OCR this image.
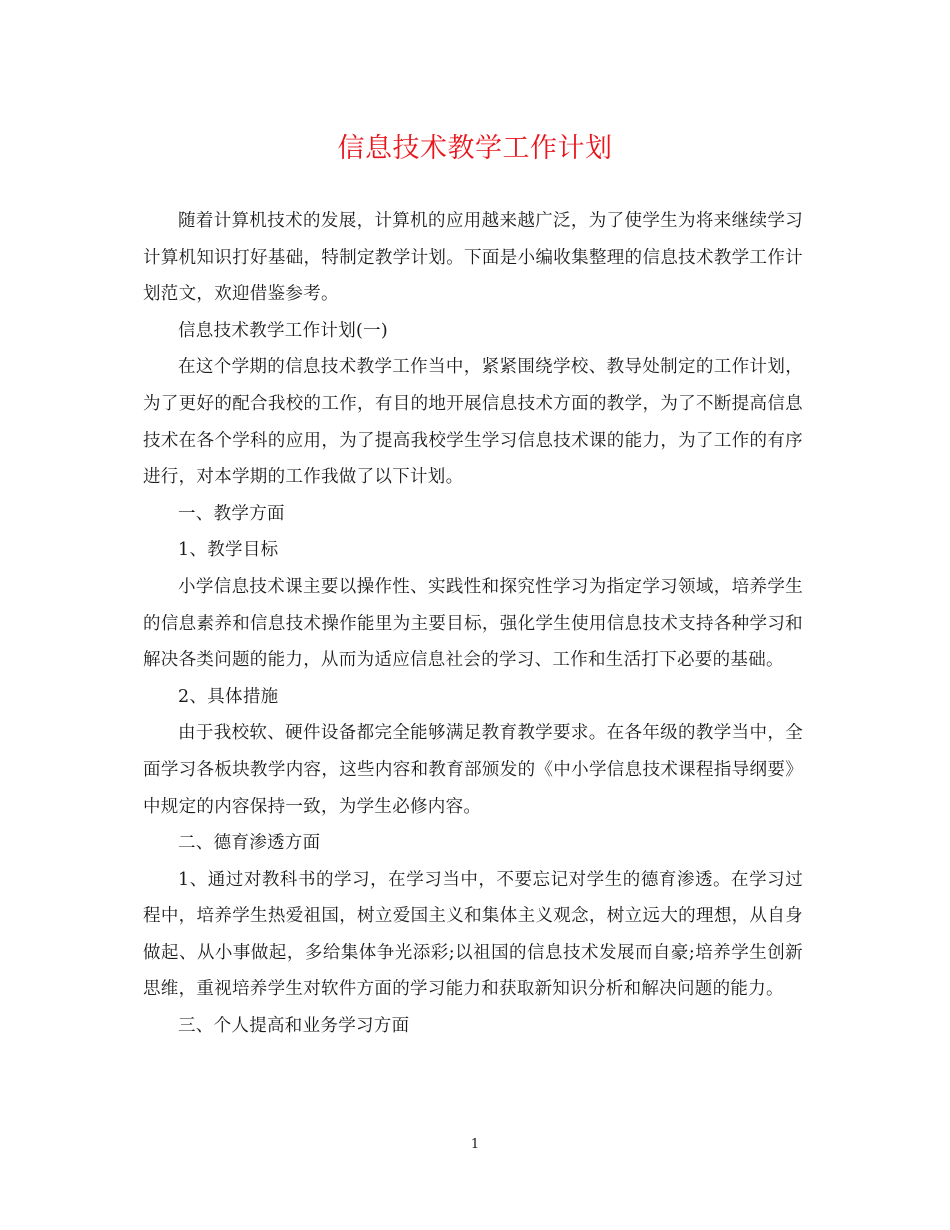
信息技术教学工作计划

随着计算机技术的发展，计算机的应用越来越广泛，为了使学生为将来继续学习计算机知识打好基础，特制定教学计划。下面是小编收集整理的信息技术教学工作计划范文，欢迎借鉴参考。

信息技术教学工作计划(一)

在这个学期的信息技术教学工作当中，紧紧围绕学校、教导处制定的工作计划，为了更好的配合我校的工作，有目的地开展信息技术方面的教学，为了不断提高信息技术在各个学科的应用，为了提高我校学生学习信息技术课的能力，为了工作的有序进行，对本学期的工作我做了以下计划。

一、教学方面

1、教学目标

小学信息技术课主要以操作性、实践性和探究性学习为指定学习领域，培养学生的信息素养和信息技术操作能里为主要目标，强化学生使用信息技术支持各种学习和解决各类问题的能力，从而为适应信息社会的学习、工作和生活打下必要的基础。

2、具体措施

由于我校软、硬件设备都完全能够满足教育教学要求。在各年级的教学当中，全面学习各板块教学内容，这些内容和教育部颁发的《中小学信息技术课程指导纲要》中规定的内容保持一致，为学生必修内容。

二、德育渗透方面

1、通过对教科书的学习，在学习当中，不要忘记对学生的德育渗透。在学习过程中，培养学生热爱祖国，树立爱国主义和集体主义观念，树立远大的理想，从自身做起、从小事做起，多给集体争光添彩;以祖国的信息技术发展而自豪;培养学生创新思维，重视培养学生对软件方面的学习能力和获取新知识分析和解决问题的能力。

三、个人提高和业务学习方面

1
